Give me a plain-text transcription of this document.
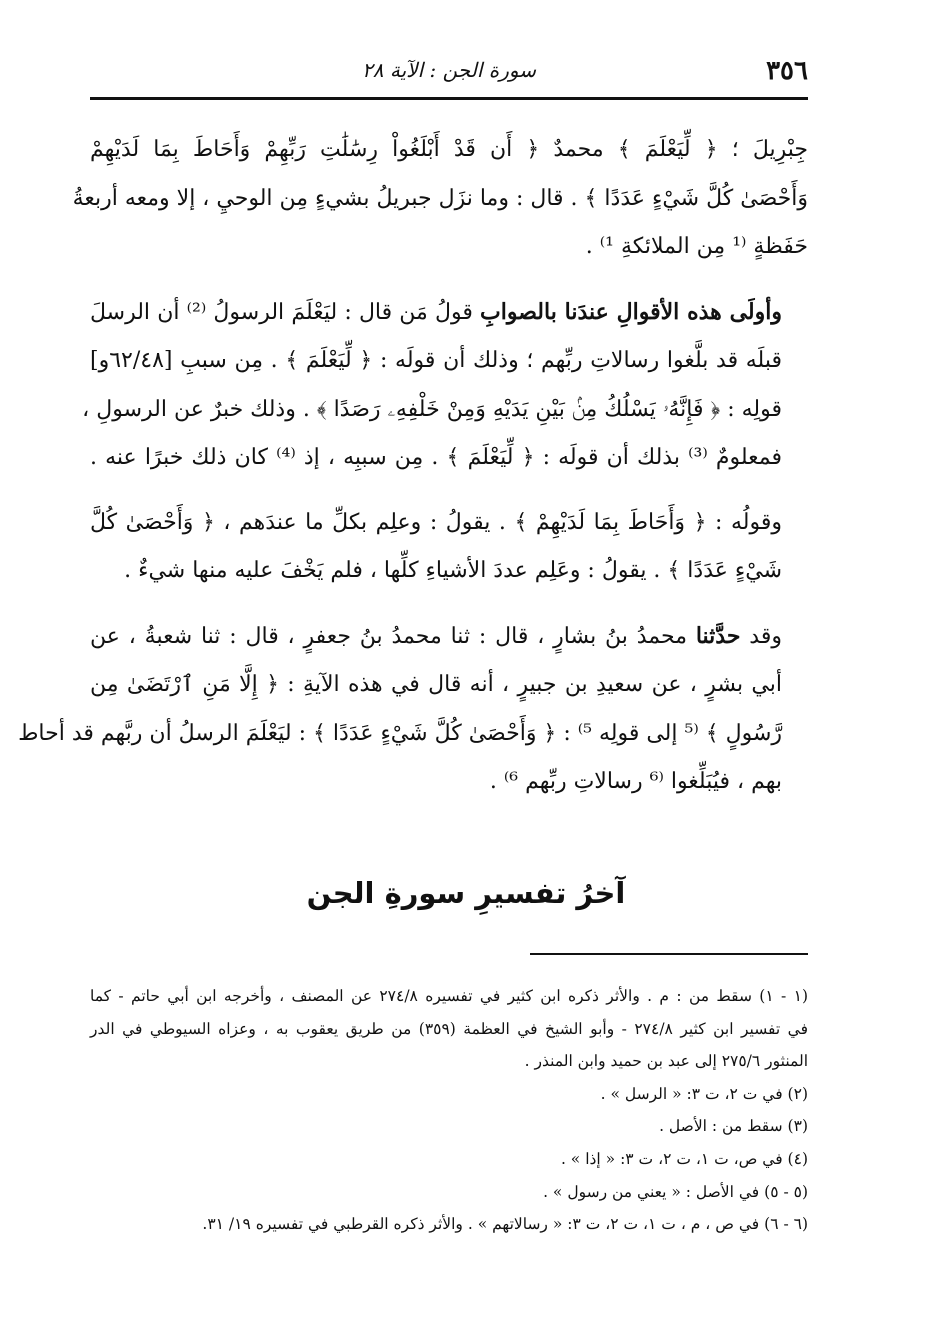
٣٥٦
سورة الجن : الآية ٢٨

جِبْرِيلَ ؛ ﴿ لِّيَعْلَمَ ﴾ محمدٌ ﴿ أَن قَدْ أَبْلَغُواْ رِسَٰلَٰتِ رَبِّهِمْ وَأَحَاطَ بِمَا لَدَيْهِمْ
وَأَحْصَىٰ كُلَّ شَيْءٍ عَدَدًا ﴾ . قال : وما نزَل جبريلُ بشيءٍ مِن الوحيِ ، إلا ومعه أربعةُ
حَفَظةٍ ⁽¹ مِن الملائكةِ ¹⁾ .

وأولَى هذه الأقوالِ عندَنا بالصوابِ قولُ مَن قال : ليَعْلَمَ الرسولُ ⁽²⁾ أن الرسلَ
قبلَه قد بلَّغوا رسالاتِ ربِّهم ؛ وذلك أن قولَه : ﴿ لِّيَعْلَمَ ﴾ . مِن سببِ [٦٢/٤٨و]
قولِه : ﴿ فَإِنَّهُۥ يَسْلُكُ مِنۢ بَيْنِ يَدَيْهِ وَمِنْ خَلْفِهِۦ رَصَدًا ﴾ . وذلك خبرٌ عن الرسولِ ،
فمعلومٌ ⁽³⁾ بذلك أن قولَه : ﴿ لِّيَعْلَمَ ﴾ . مِن سببِه ، إذ ⁽⁴⁾ كان ذلك خبرًا عنه .

وقولُه : ﴿ وَأَحَاطَ بِمَا لَدَيْهِمْ ﴾ . يقولُ : وعلِم بكلِّ ما عندَهم ، ﴿ وَأَحْصَىٰ كُلَّ
شَيْءٍ عَدَدًا ﴾ . يقولُ : وعَلِم عددَ الأشياءِ كلِّها ، فلم يَخْفَ عليه منها شيءٌ .

وقد حدَّثنا محمدُ بنُ بشارٍ ، قال : ثنا محمدُ بنُ جعفرٍ ، قال : ثنا شعبةُ ، عن
أبي بشرٍ ، عن سعيدِ بن جبيرٍ ، أنه قال في هذه الآيةِ : ﴿ إِلَّا مَنِ ٱرْتَضَىٰ مِن
رَّسُولٍ ﴾ ⁽⁵ إلى قولِه ⁵⁾ : ﴿ وَأَحْصَىٰ كُلَّ شَيْءٍ عَدَدًا ﴾ : ليَعْلَمَ الرسلُ أن ربَّهم قد أحاط
بهم ، فيُبَلِّغوا ⁽⁶ رسالاتِ ربِّهم ⁶⁾ .

آخرُ تفسيرِ سورةِ الجن
(١ - ١) سقط من : م . والأثر ذكره ابن كثير في تفسيره ٢٧٤/٨ عن المصنف ، وأخرجه ابن أبي حاتم - كما
في تفسير ابن كثير ٢٧٤/٨ - وأبو الشيخ في العظمة (٣٥٩) من طريق يعقوب به ، وعزاه السيوطي في الدر
المنثور ٢٧٥/٦ إلى عبد بن حميد وابن المنذر .
(٢) في ت ٢، ت ٣: « الرسل » .
(٣) سقط من : الأصل .
(٤) في ص، ت ١، ت ٢، ت ٣: « إذا » .
(٥ - ٥) في الأصل : « يعني من رسول » .
(٦ - ٦) في ص ، م ، ت ١، ت ٢، ت ٣: « رسالاتهم » . والأثر ذكره القرطبي في تفسيره ١٩/ ٣١.
